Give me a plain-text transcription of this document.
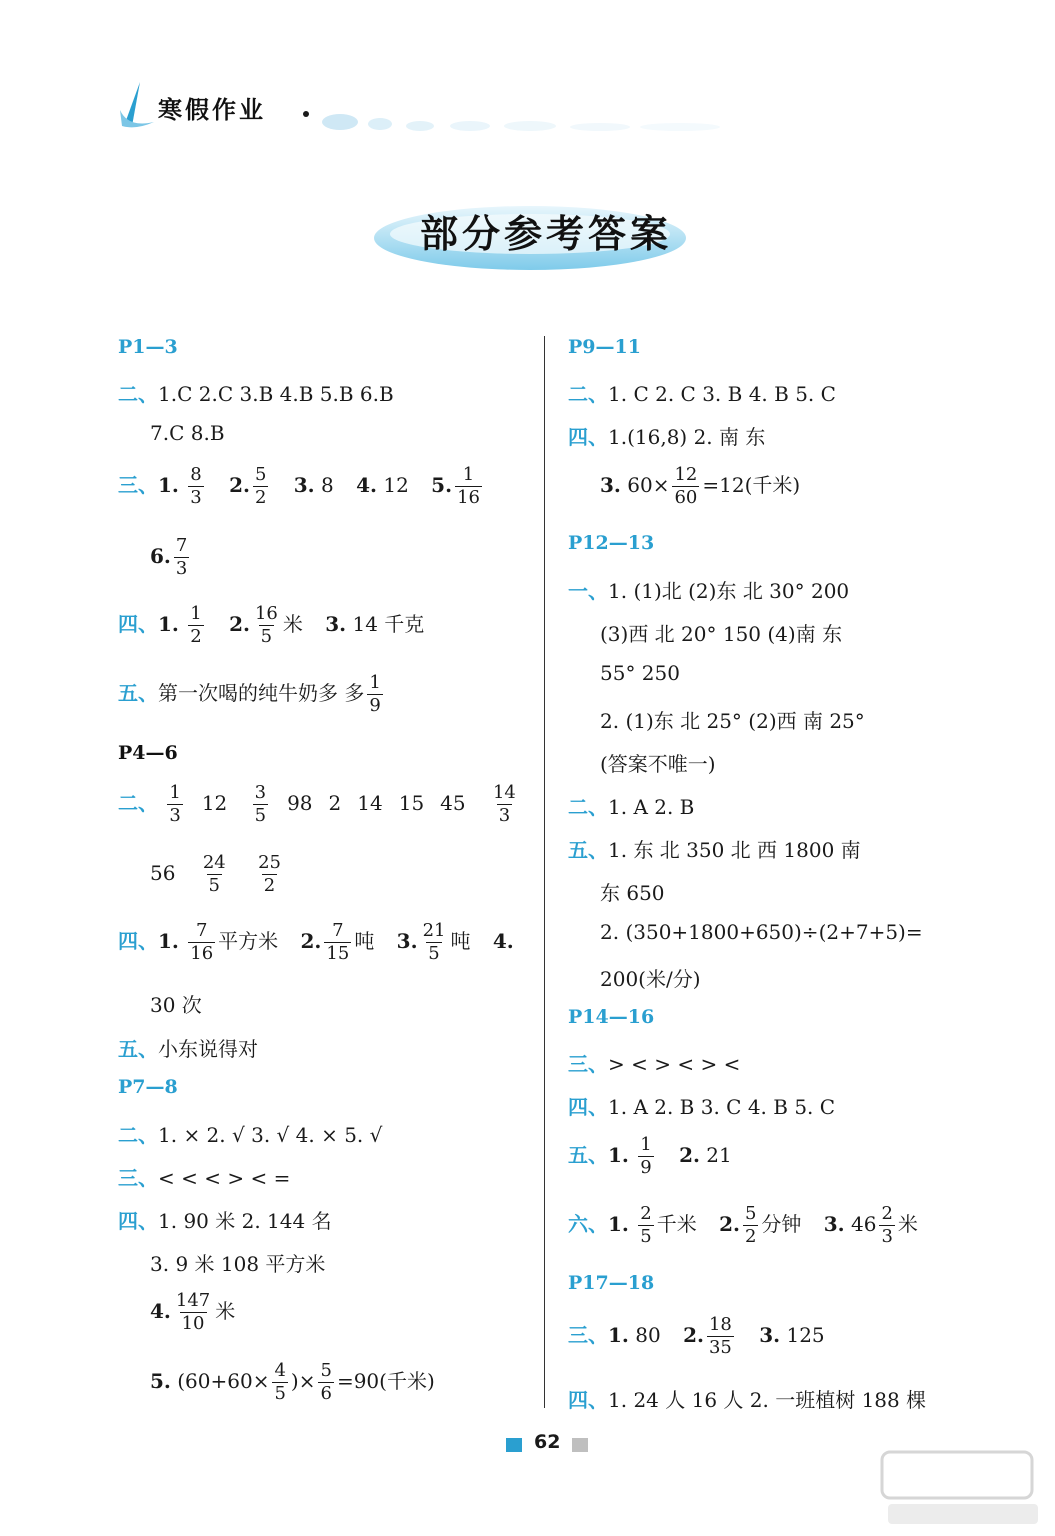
寒假作业
部分参考答案
P1—3
二、1.C 2.C 3.B 4.B 5.B 6.B
7.C 8.B
三、1. $\frac{8}{3} 2$. $\frac{5}{2} 3$. 8 4. 12 5. $\frac{1}{16}$
6. $\frac{7}{3}$
四、1. $\frac{1}{2} 2$. $\frac{16}{5}$ 米 3. 14 千克
五、第一次喝的纯牛奶多 多 $\frac{1}{9}$
P4—6
二、 $\frac{1}{3} 12 \frac{3}{5} 98$ 2 14 15 $45 \frac{14}{3}$
$56 \frac{24}{5}$
$\frac{25}{2}$
四、1. $\frac{7}{16}$ 平方米 2. $\frac{7}{15}$ 吨 3. $\frac{21}{5}$ 吨 4.
30 次
五、小东说得对
P7—8
二、1. × 2. √ 3. √ 4. × 5. √
三、< < < > < =
四、1. 90 米 2. 144 名
3. 9 米 108 平方米
4. $\frac{147}{10}$ 米
5. ($60+60\times \frac{4}{5}$ )× $\frac{5}{6} =90$(千米)
P9—11
二、1. C 2. C 3. B 4. B 5. C
四、1.(16,8) 2. 南 东
3. $60\times \frac{12}{60} =12$(千米)
P12—13
一、1. (1)北 (2)东 北 30° 200
(3)西 北 20° 150 (4)南 东
55° 250
2. (1)东 北 25° (2)西 南 25°
(答案不唯一)
二、1. A 2. B
五、1. 东 北 350 北 西 1800 南
东 650
2. (350+1800+650)÷(2+7+5)=
200(米/分)
P14—16
三、> < > < > <
四、1. A 2. B 3. C 4. B 5. C
五、1. $\frac{1}{9} 2$. 21
六、1. $\frac{2}{5}$ 千米 2. $\frac{5}{2}$ 分钟 3. $46 \frac{2}{3}$ 米
P17—18
三、1. 80 2. $\frac{18}{35} 3$. 125
四、1. 24 人 16 人 2. 一班植树 188 棵
62
